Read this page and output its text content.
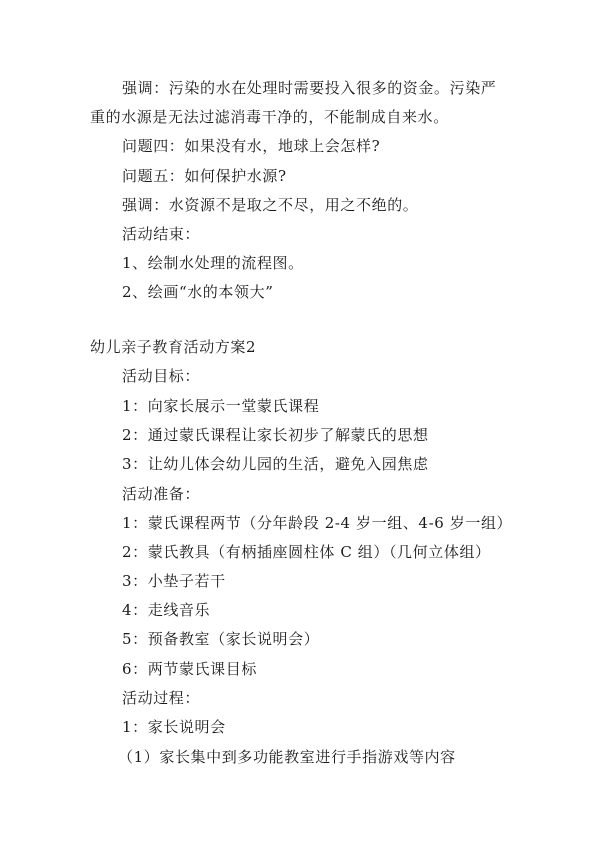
强调：污染的水在处理时需要投入很多的资金。污染严
重的水源是无法过滤消毒干净的，不能制成自来水。
问题四：如果没有水，地球上会怎样?
问题五：如何保护水源?
强调：水资源不是取之不尽，用之不绝的。
活动结束：
1、绘制水处理的流程图。
2、绘画“水的本领大”
幼儿亲子教育活动方案2
活动目标：
1：向家长展示一堂蒙氏课程
2：通过蒙氏课程让家长初步了解蒙氏的思想
3：让幼儿体会幼儿园的生活，避免入园焦虑
活动准备：
1：蒙氏课程两节（分年龄段 2-4 岁一组、4-6 岁一组）
2：蒙氏教具（有柄插座圆柱体 C 组）（几何立体组）
3：小垫子若干
4：走线音乐
5：预备教室（家长说明会）
6：两节蒙氏课目标
活动过程：
1：家长说明会
（1）家长集中到多功能教室进行手指游戏等内容
